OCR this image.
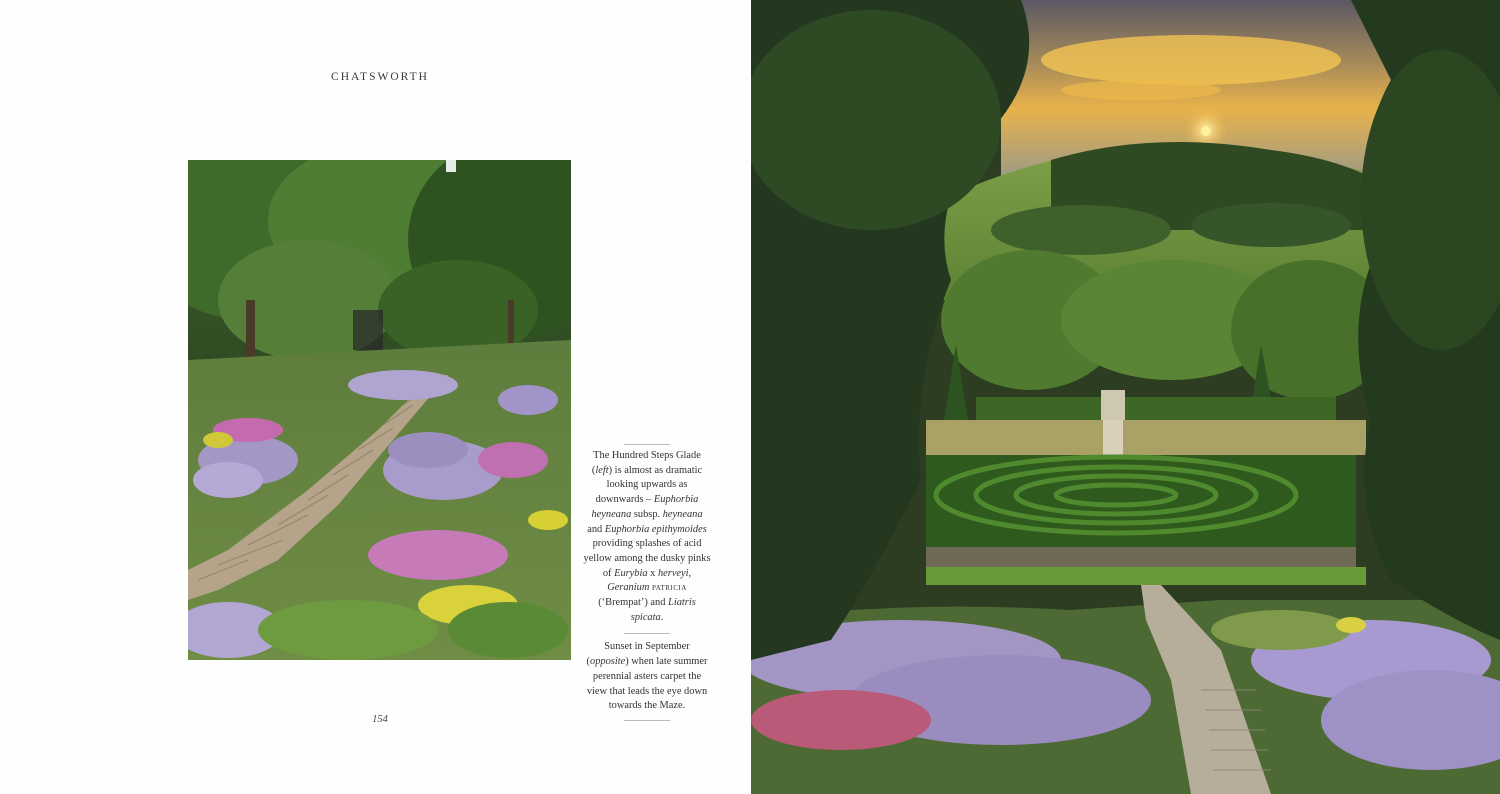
CHATSWORTH

The Hundred Steps Glade (left) is almost as dramatic looking upwards as downwards – Euphorbia heyneana subsp. heyneana and Euphorbia epithymoides providing splashes of acid yellow among the dusky pinks of Eurybia x herveyi, Geranium patricia (‘Brempat’) and Liatris spicata.

Sunset in September (opposite) when late summer perennial asters carpet the view that leads the eye down towards the Maze.

154
